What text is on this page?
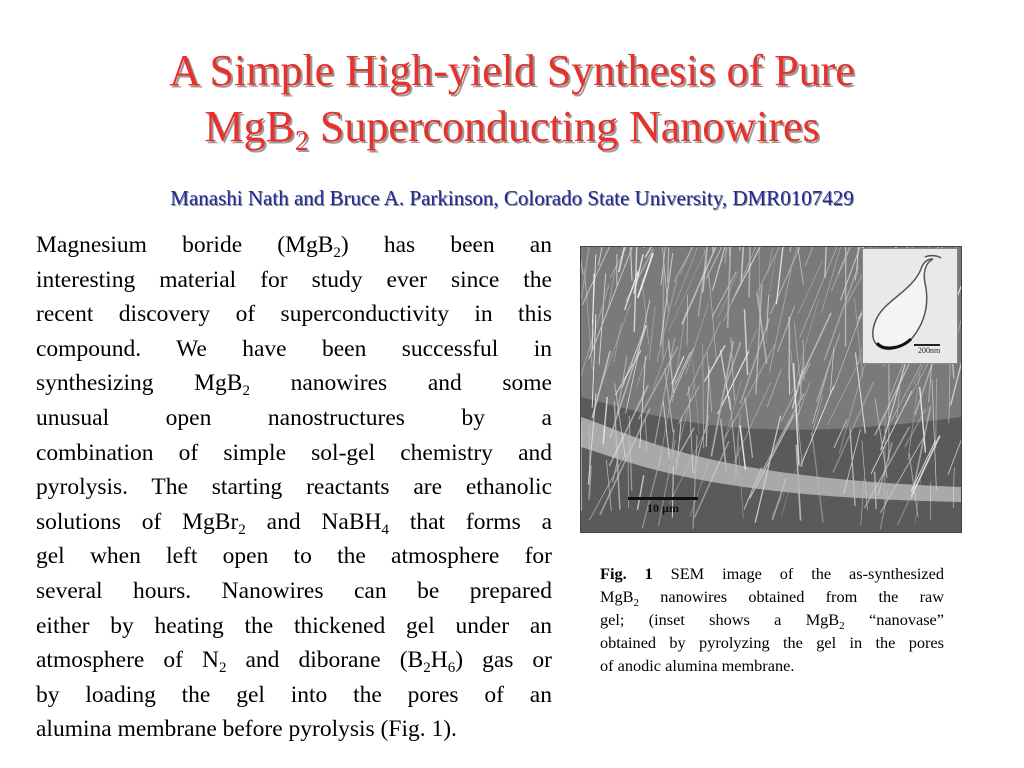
A Simple High-yield Synthesis of Pure
MgB$_2$ Superconducting Nanowires
Manashi Nath and Bruce A. Parkinson, Colorado State University, DMR0107429
Magnesium boride (MgB$_2$) has been an
interesting material for study ever since the
recent discovery of superconductivity in this
compound. We have been successful in
synthesizing MgB$_2$ nanowires and some
unusual open nanostructures by a
combination of simple sol-gel chemistry and
pyrolysis. The starting reactants are ethanolic
solutions of MgBr$_2$ and NaBH$_4$ that forms a
gel when left open to the atmosphere for
several hours. Nanowires can be prepared
either by heating the thickened gel under an
atmosphere of $N_2$ and diborane $(B_2H_6)$ gas or
by loading the gel into the pores of an
alumina membrane before pyrolysis (Fig. 1).
200nm
10 µm
Fig. 1 SEM image of the as-synthesized
MgB$_2$ nanowires obtained from the raw
gel; (inset shows a MgB$_2$ “nanovase”
obtained by pyrolyzing the gel in the pores
of anodic alumina membrane.
